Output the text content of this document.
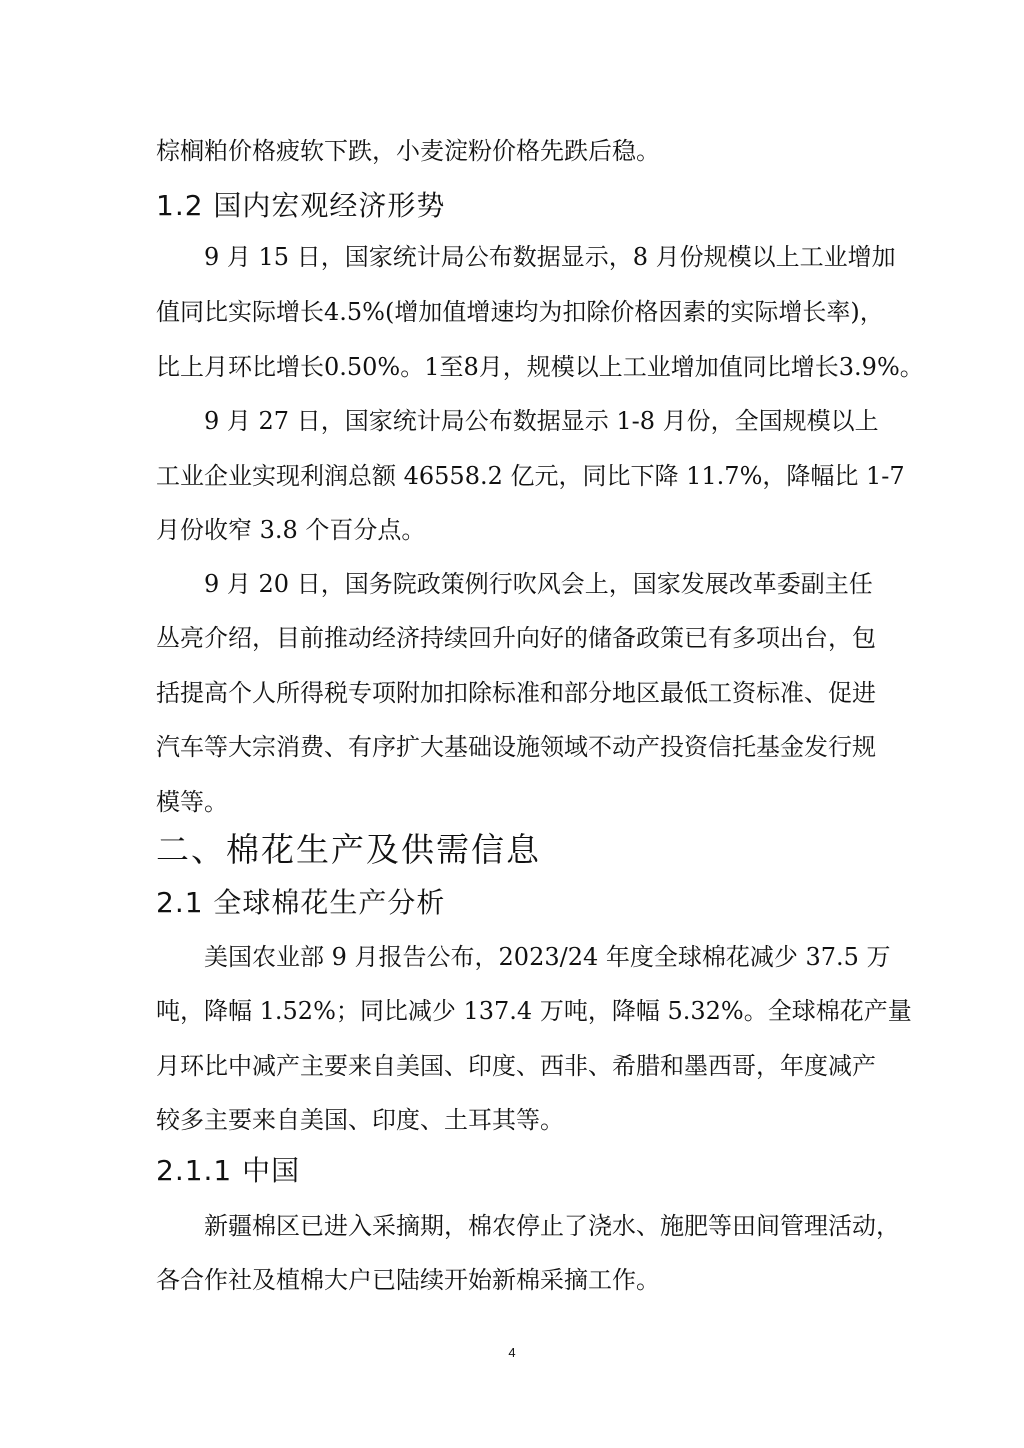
棕榈粕价格疲软下跌，小麦淀粉价格先跌后稳。
1.2 国内宏观经济形势
9 月 15 日，国家统计局公布数据显示，8 月份规模以上工业增加
值同比实际增长4.5%(增加值增速均为扣除价格因素的实际增长率)，
比上月环比增长0.50%。1至8月，规模以上工业增加值同比增长3.9%。
9 月 27 日，国家统计局公布数据显示 1-8 月份，全国规模以上
工业企业实现利润总额 46558.2 亿元，同比下降 11.7%，降幅比 1-7
月份收窄 3.8 个百分点。
9 月 20 日，国务院政策例行吹风会上，国家发展改革委副主任
丛亮介绍，目前推动经济持续回升向好的储备政策已有多项出台，包
括提高个人所得税专项附加扣除标准和部分地区最低工资标准、促进
汽车等大宗消费、有序扩大基础设施领域不动产投资信托基金发行规
模等。
二、棉花生产及供需信息
2.1 全球棉花生产分析
美国农业部 9 月报告公布，2023/24 年度全球棉花减少 37.5 万
吨，降幅 1.52%；同比减少 137.4 万吨，降幅 5.32%。全球棉花产量
月环比中减产主要来自美国、印度、西非、希腊和墨西哥，年度减产
较多主要来自美国、印度、土耳其等。
2.1.1 中国
新疆棉区已进入采摘期，棉农停止了浇水、施肥等田间管理活动，
各合作社及植棉大户已陆续开始新棉采摘工作。
4
